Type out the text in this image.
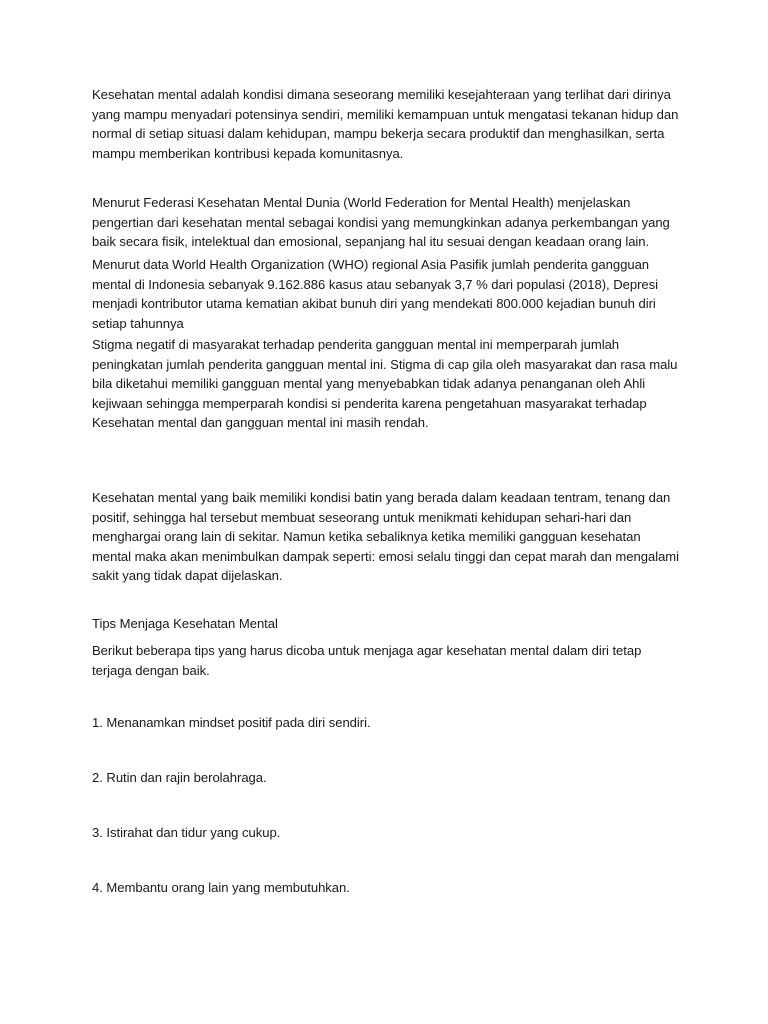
Kesehatan mental adalah kondisi dimana seseorang memiliki kesejahteraan yang terlihat dari dirinya yang mampu menyadari potensinya sendiri, memiliki kemampuan untuk mengatasi tekanan hidup dan normal di setiap situasi dalam kehidupan, mampu bekerja secara produktif dan menghasilkan, serta mampu memberikan kontribusi kepada komunitasnya.

Menurut Federasi Kesehatan Mental Dunia (World Federation for Mental Health) menjelaskan pengertian dari kesehatan mental sebagai kondisi yang memungkinkan adanya perkembangan yang baik secara fisik, intelektual dan emosional, sepanjang hal itu sesuai dengan keadaan orang lain.

Menurut data World Health Organization (WHO) regional Asia Pasifik jumlah penderita gangguan mental di Indonesia sebanyak 9.162.886 kasus atau sebanyak 3,7 % dari populasi (2018), Depresi menjadi kontributor utama kematian akibat bunuh diri yang mendekati 800.000 kejadian bunuh diri setiap tahunnya

Stigma negatif di masyarakat terhadap penderita gangguan mental ini memperparah jumlah peningkatan jumlah penderita gangguan mental ini. Stigma di cap gila oleh masyarakat dan rasa malu bila diketahui memiliki gangguan mental yang menyebabkan tidak adanya penanganan oleh Ahli kejiwaan sehingga memperparah kondisi si penderita karena pengetahuan masyarakat terhadap Kesehatan mental dan gangguan mental ini masih rendah.

Kesehatan mental yang baik memiliki kondisi batin yang berada dalam keadaan tentram, tenang dan positif, sehingga hal tersebut membuat seseorang untuk menikmati kehidupan sehari-hari dan menghargai orang lain di sekitar. Namun ketika sebaliknya ketika memiliki gangguan kesehatan mental maka akan menimbulkan dampak seperti: emosi selalu tinggi dan cepat marah dan mengalami sakit yang tidak dapat dijelaskan.

Tips Menjaga Kesehatan Mental

Berikut beberapa tips yang harus dicoba untuk menjaga agar kesehatan mental dalam diri tetap terjaga dengan baik.

1. Menanamkan mindset positif pada diri sendiri.

2. Rutin dan rajin berolahraga.

3. Istirahat dan tidur yang cukup.

4. Membantu orang lain yang membutuhkan.
